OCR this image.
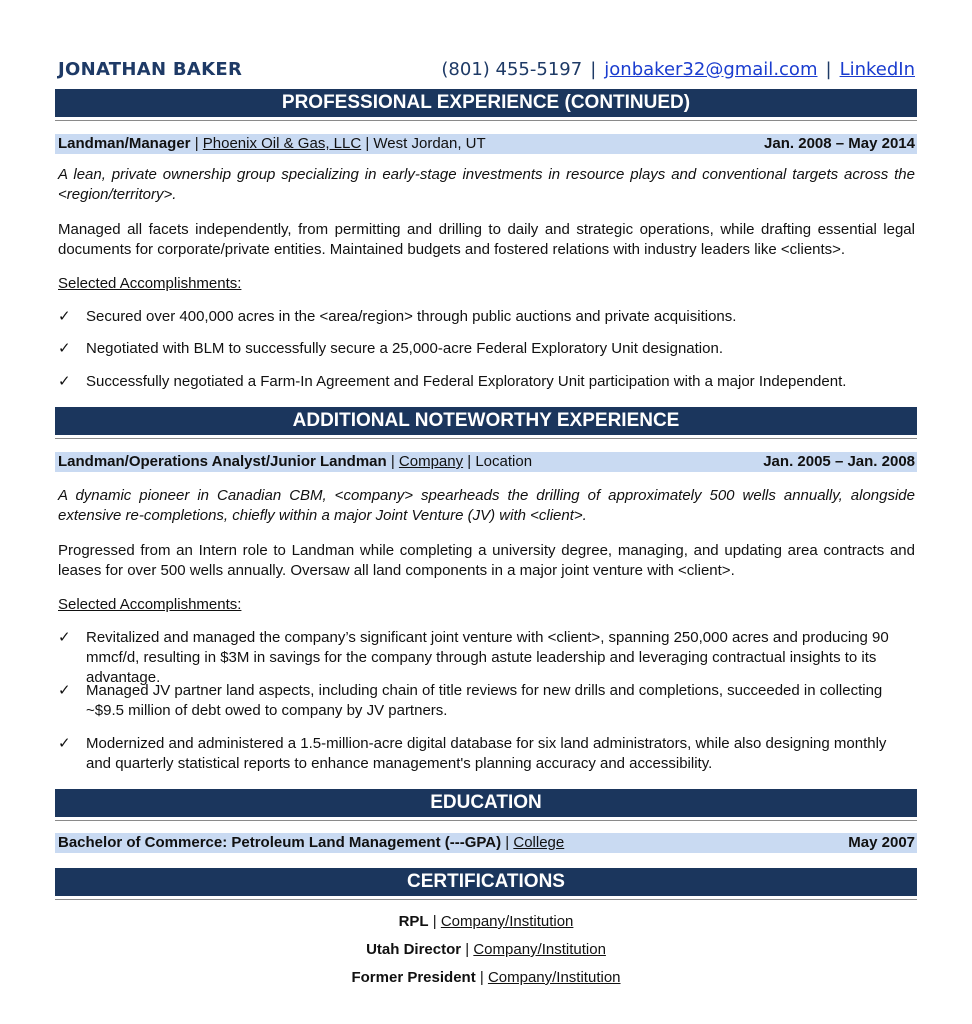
JONATHAN BAKER	(801) 455-5197 | jonbaker32@gmail.com | LinkedIn
PROFESSIONAL EXPERIENCE (CONTINUED)
Landman/Manager | Phoenix Oil & Gas, LLC | West Jordan, UT	Jan. 2008 – May 2014
A lean, private ownership group specializing in early-stage investments in resource plays and conventional targets across the <region/territory>.
Managed all facets independently, from permitting and drilling to daily and strategic operations, while drafting essential legal documents for corporate/private entities. Maintained budgets and fostered relations with industry leaders like <clients>.
Selected Accomplishments:
✓	Secured over 400,000 acres in the <area/region> through public auctions and private acquisitions.
✓	Negotiated with BLM to successfully secure a 25,000-acre Federal Exploratory Unit designation.
✓	Successfully negotiated a Farm-In Agreement and Federal Exploratory Unit participation with a major Independent.
ADDITIONAL NOTEWORTHY EXPERIENCE
Landman/Operations Analyst/Junior Landman | Company | Location	Jan. 2005 – Jan. 2008
A dynamic pioneer in Canadian CBM, <company> spearheads the drilling of approximately 500 wells annually, alongside extensive re-completions, chiefly within a major Joint Venture (JV) with <client>.
Progressed from an Intern role to Landman while completing a university degree, managing, and updating area contracts and leases for over 500 wells annually. Oversaw all land components in a major joint venture with <client>.
Selected Accomplishments:
✓	Revitalized and managed the company’s significant joint venture with <client>, spanning 250,000 acres and producing 90 mmcf/d, resulting in $3M in savings for the company through astute leadership and leveraging contractual insights to its advantage.
✓	Managed JV partner land aspects, including chain of title reviews for new drills and completions, succeeded in collecting ~$9.5 million of debt owed to company by JV partners.
✓	Modernized and administered a 1.5-million-acre digital database for six land administrators, while also designing monthly and quarterly statistical reports to enhance management's planning accuracy and accessibility.
EDUCATION
Bachelor of Commerce: Petroleum Land Management (---GPA) | College	May 2007
CERTIFICATIONS
RPL | Company/Institution
Utah Director | Company/Institution
Former President | Company/Institution
